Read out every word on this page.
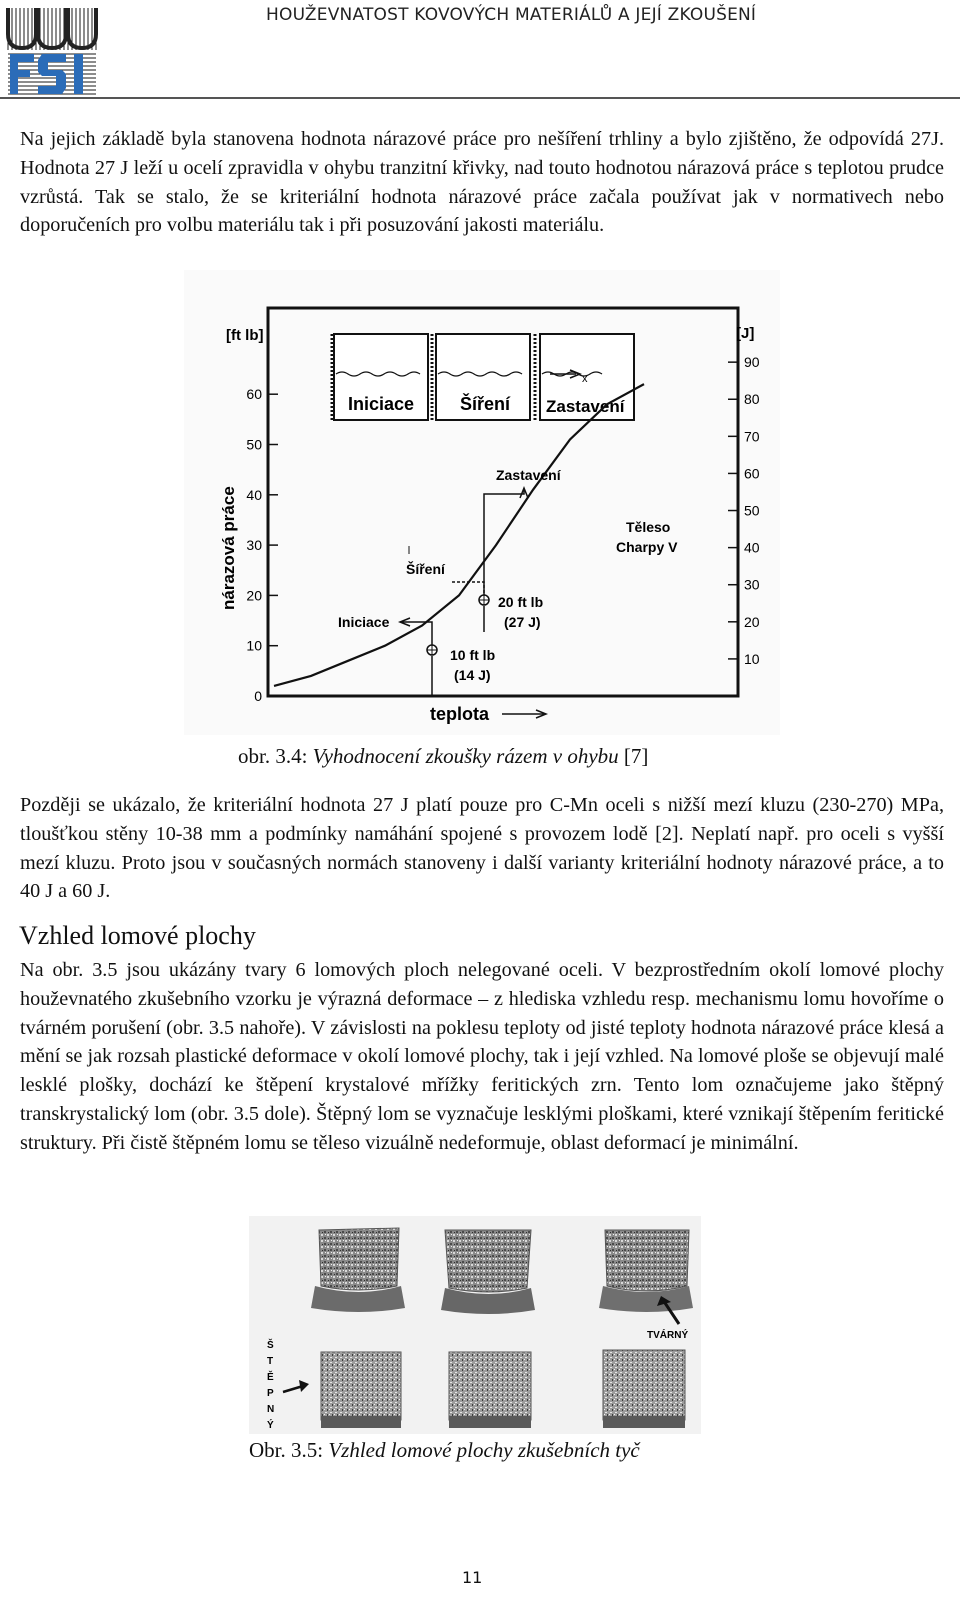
HOUŽEVNATOST KOVOVÝCH MATERIÁLŮ A JEJÍ ZKOUŠENÍ

Na jejich základě byla stanovena hodnota nárazové práce pro nešíření trhliny a bylo zjištěno, že odpovídá 27J. Hodnota 27 J leží u ocelí zpravidla v ohybu tranzitní křivky, nad touto hodnotou nárazová práce s teplotou prudce vzrůstá. Tak se stalo, že se kriteriální hodnota nárazové práce začala používat jak v normativech nebo doporučeních pro volbu materiálu tak i při posuzování jakosti materiálu.

[ft lb]	[J]
nárazová práce
teplota
0
10
20
30
40
50
60
10
20
30
40
50
60
70
80
90
x
Iniciace	Šíření Zastavení
Iniciace
Šíření
Zastavení
Těleso
Charpy V
10 ft lb
(14 J)
20 ft lb
(27 J)
obr. 3.4: Vyhodnocení zkoušky rázem v ohybu [7]

Později se ukázalo, že kriteriální hodnota 27 J platí pouze pro C-Mn oceli s nižší mezí kluzu (230-270) MPa, tloušťkou stěny 10-38 mm a podmínky namáhání spojené s provozem lodě [2]. Neplatí např. pro oceli s vyšší mezí kluzu. Proto jsou v současných normách stanoveny i další varianty kriteriální hodnoty nárazové práce, a to 40 J a 60 J.

Vzhled lomové plochy

Na obr. 3.5 jsou ukázány tvary 6 lomových ploch nelegované oceli. V bezprostředním okolí lomové plochy houževnatého zkušebního vzorku je výrazná deformace – z hlediska vzhledu resp. mechanismu lomu hovoříme o tvárném porušení (obr. 3.5 nahoře). V závislosti na poklesu teploty od jisté teploty hodnota nárazové práce klesá a mění se jak rozsah plastické deformace v okolí lomové plochy, tak i její vzhled. Na lomové ploše se objevují malé lesklé plošky, dochází ke štěpení krystalové mřížky feritických zrn. Tento lom označujeme jako štěpný transkrystalický lom (obr. 3.5 dole). Štěpný lom se vyznačuje lesklými ploškami, které vznikají štěpením feritické struktury. Při čistě štěpném lomu se těleso vizuálně nedeformuje, oblast deformací je minimální.

TVÁRNÝ
Š
T
Ě
P
N
Ý
Obr. 3.5: Vzhled lomové plochy zkušebních tyč
11
